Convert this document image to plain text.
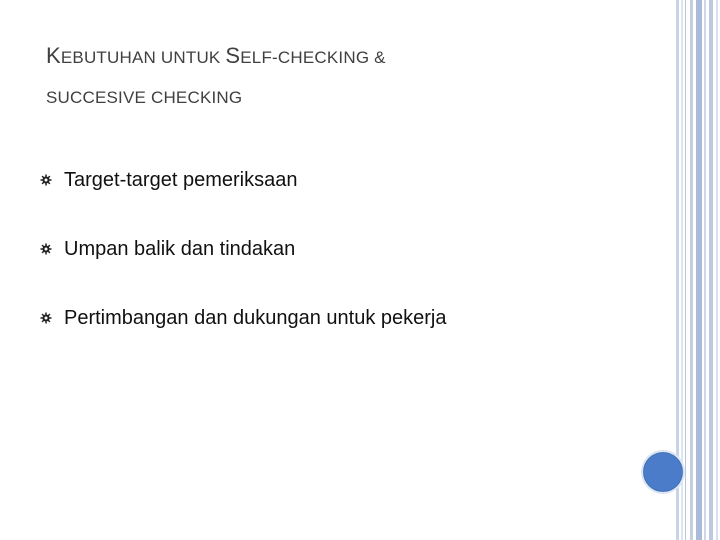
KEBUTUHAN UNTUK SELF-CHECKING &
SUCCESIVE CHECKING
Target-target pemeriksaan
Umpan balik dan tindakan
Pertimbangan dan dukungan untuk pekerja
